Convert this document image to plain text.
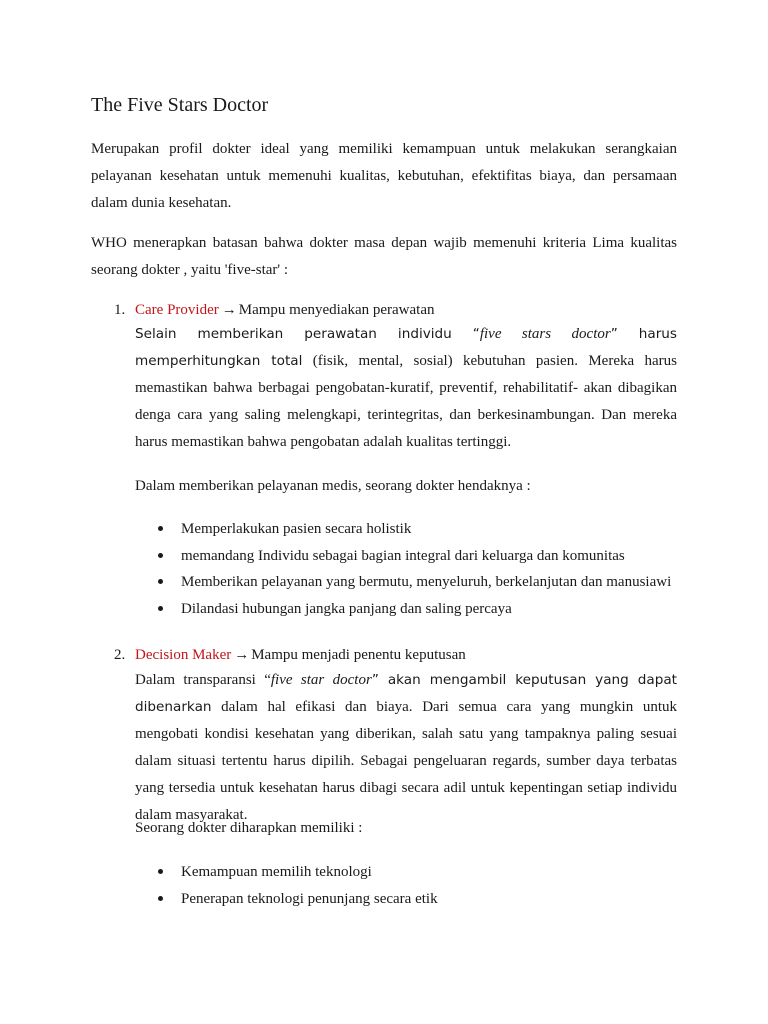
The Five Stars Doctor

Merupakan profil dokter ideal yang memiliki kemampuan untuk melakukan serangkaian pelayanan kesehatan untuk memenuhi kualitas, kebutuhan, efektifitas biaya, dan persamaan dalam dunia kesehatan.

WHO menerapkan batasan bahwa dokter masa depan wajib memenuhi kriteria Lima kualitas seorang dokter , yaitu 'five-star' :

1. Care Provider → Mampu menyediakan perawatan

Selain memberikan perawatan individu “five stars doctor” harus memperhitungkan total (fisik, mental, sosial) kebutuhan pasien. Mereka harus memastikan bahwa berbagai pengobatan-kuratif, preventif, rehabilitatif- akan dibagikan denga cara yang saling melengkapi, terintegritas, dan berkesinambungan. Dan mereka harus memastikan bahwa pengobatan adalah kualitas tertinggi.

Dalam memberikan pelayanan medis, seorang dokter hendaknya :

Memperlakukan pasien secara holistik
memandang Individu sebagai bagian integral dari keluarga dan komunitas
Memberikan pelayanan yang bermutu, menyeluruh, berkelanjutan dan manusiawi
Dilandasi hubungan jangka panjang dan saling percaya
2. Decision Maker → Mampu menjadi penentu keputusan

Dalam transparansi “five star doctor” akan mengambil keputusan yang dapat dibenarkan dalam hal efikasi dan biaya. Dari semua cara yang mungkin untuk mengobati kondisi kesehatan yang diberikan, salah satu yang tampaknya paling sesuai dalam situasi tertentu harus dipilih. Sebagai pengeluaran regards, sumber daya terbatas yang tersedia untuk kesehatan harus dibagi secara adil untuk kepentingan setiap individu dalam masyarakat.

Seorang dokter diharapkan memiliki :

Kemampuan memilih teknologi
Penerapan teknologi penunjang secara etik
